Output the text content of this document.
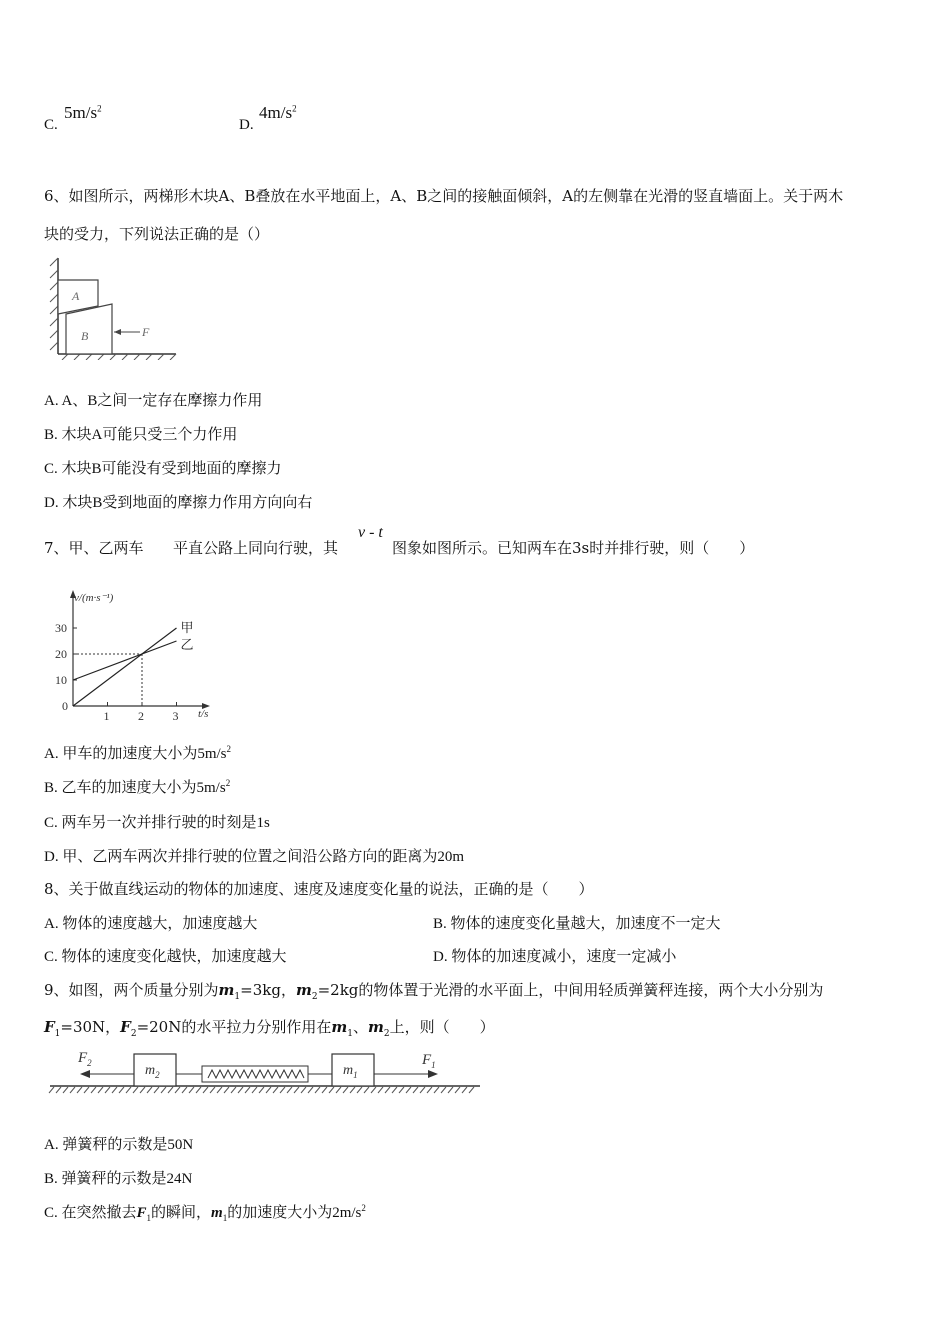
C.
$5m/s^2$
D.
$4m/s^2$
6、如图所示，两梯形木块A、B叠放在水平地面上，A、B之间的接触面倾斜，A的左侧靠在光滑的竖直墙面上。关于两木
块的受力，下列说法正确的是（）
A
B	F
A. A、B之间一定存在摩擦力作用
B. 木块A可能只受三个力作用
C. 木块B可能没有受到地面的摩擦力
D. 木块B受到地面的摩擦力作用方向向右
7、甲、乙两车 平直公路上同向行驶，其
v - t
图象如图所示。已知两车在3s时并排行驶，则（　　）
v/(m·s⁻¹)
t/s
0
1 2 3
10
20
30	甲
乙
A. 甲车的加速度大小为$5m/s^2$
B. 乙车的加速度大小为$5m/s^2$
C. 两车另一次并排行驶的时刻是1s
D. 甲、乙两车两次并排行驶的位置之间沿公路方向的距离为20m
8、关于做直线运动的物体的加速度、速度及速度变化量的说法，正确的是（　　）
A. 物体的速度越大，加速度越大	B. 物体的速度变化量越大，加速度不一定大
C. 物体的速度变化越快，加速度越大	D. 物体的加速度减小，速度一定减小
9、如图，两个质量分别为$m_1=3kg$，$m_2=2kg$的物体置于光滑的水平面上，中间用轻质弹簧秤连接，两个大小分别为
$F_1=30N$，$F_2=20N$的水平拉力分别作用在$m_1$、$m_2$上，则（　　）
$F_2$	$m_2$	$m_1$
$F_1$
A. 弹簧秤的示数是50N
B. 弹簧秤的示数是24N
C. 在突然撤去$F_1$的瞬间，$m_1$的加速度大小为$2m/s^2$
